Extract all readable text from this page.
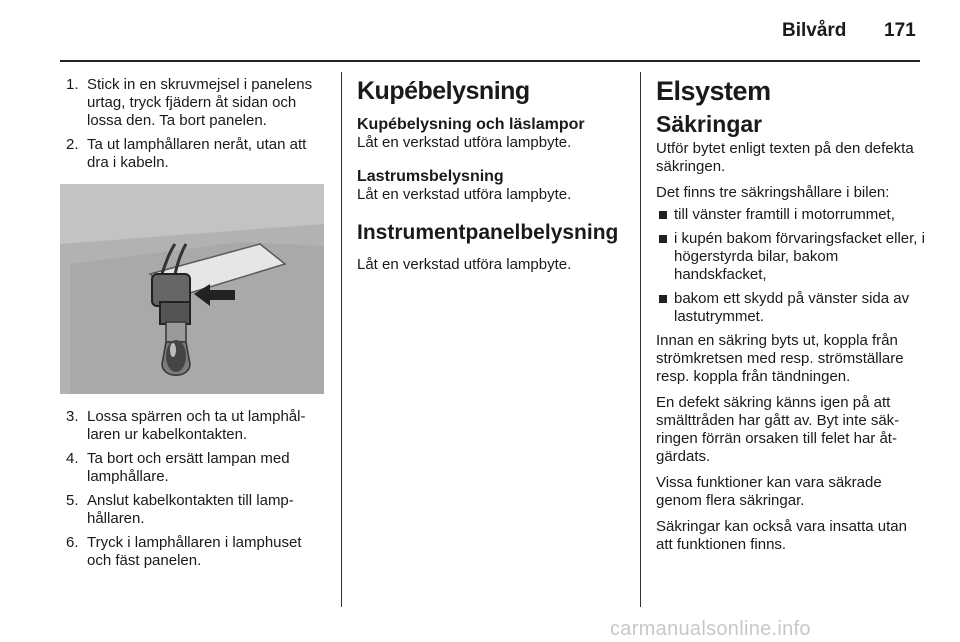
Bilvård 171
1. Stick in en skruvmejsel i panelens urtag, tryck fjädern åt sidan och lossa den. Ta bort panelen.
2. Ta ut lamphållaren neråt, utan att dra i kabeln.
3. Lossa spärren och ta ut lamphållaren ur kabelkontakten.
4. Ta bort och ersätt lampan med lamphållare.
5. Anslut kabelkontakten till lamphållaren.
6. Tryck i lamphållaren i lamphuset och fäst panelen.
Kupébelysning
Kupébelysning och läslampor
Låt en verkstad utföra lampbyte.
Lastrumsbelysning
Låt en verkstad utföra lampbyte.
Instrumentpanelbelysning
Låt en verkstad utföra lampbyte.
Elsystem
Säkringar
Utför bytet enligt texten på den defekta säkringen.
Det finns tre säkringshållare i bilen:
till vänster framtill i motorrummet,
i kupén bakom förvaringsfacket eller, i högerstyrda bilar, bakom handskfacket,
bakom ett skydd på vänster sida av lastutrymmet.
Innan en säkring byts ut, koppla från strömkretsen med resp. strömställare resp. koppla från tändningen.
En defekt säkring känns igen på att smälttråden har gått av. Byt inte säkringen förrän orsaken till felet har åtgärdats.
Vissa funktioner kan vara säkrade genom flera säkringar.
Säkringar kan också vara insatta utan att funktionen finns.
carmanualsonline.info
